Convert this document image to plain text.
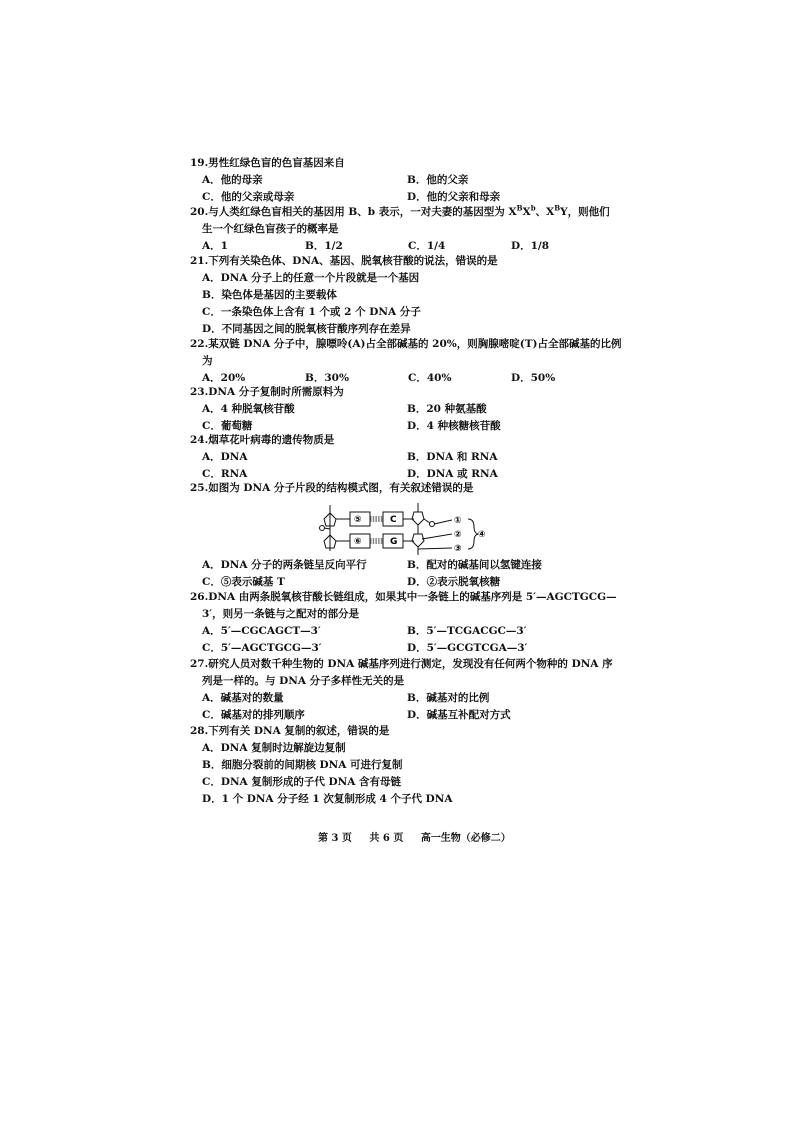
19.男性红绿色盲的色盲基因来自
A．他的母亲	B．他的父亲
C．他的父亲或母亲	D．他的父亲和母亲
20.与人类红绿色盲相关的基因用 B、b 表示，一对夫妻的基因型为 $X^BX^b$、$X^BY$，则他们
生一个红绿色盲孩子的概率是
A．1	B．1/2	C．1/4	D．1/8
21.下列有关染色体、DNA、基因、脱氧核苷酸的说法，错误的是
A．DNA 分子上的任意一个片段就是一个基因
B．染色体是基因的主要载体
C．一条染色体上含有 1 个或 2 个 DNA 分子
D．不同基因之间的脱氧核苷酸序列存在差异
22.某双链 DNA 分子中，腺嘌呤(A)占全部碱基的 20%，则胸腺嘧啶(T)占全部碱基的比例
为
A．20%	B．30%	C．40%	D．50%
23.DNA 分子复制时所需原料为
A．4 种脱氧核苷酸	B．20 种氨基酸
C．葡萄糖	D．4 种核糖核苷酸
24.烟草花叶病毒的遗传物质是
A．DNA	B．DNA 和 RNA
C．RNA	D．DNA 或 RNA
25.如图为 DNA 分子片段的结构模式图，有关叙述错误的是
⑤	C
⑥	G
①
②
③
④
A．DNA 分子的两条链呈反向平行	B．配对的碱基间以氢键连接
C．⑤表示碱基 T	D．②表示脱氧核糖
26.DNA 由两条脱氧核苷酸长链组成，如果其中一条链上的碱基序列是 5′—AGCTGCG—
3′，则另一条链与之配对的部分是
A．5′—CGCAGCT—3′	B．5′—TCGACGC—3′
C．5′—AGCTGCG—3′	D．5′—GCGTCGA—3′
27.研究人员对数千种生物的 DNA 碱基序列进行测定，发现没有任何两个物种的 DNA 序
列是一样的。与 DNA 分子多样性无关的是
A．碱基对的数量	B．碱基对的比例
C．碱基对的排列顺序	D．碱基互补配对方式
28.下列有关 DNA 复制的叙述，错误的是
A．DNA 复制时边解旋边复制
B．细胞分裂前的间期核 DNA 可进行复制
C．DNA 复制形成的子代 DNA 含有母链
D．1 个 DNA 分子经 1 次复制形成 4 个子代 DNA
第 3 页 共 6 页 高一生物（必修二）
